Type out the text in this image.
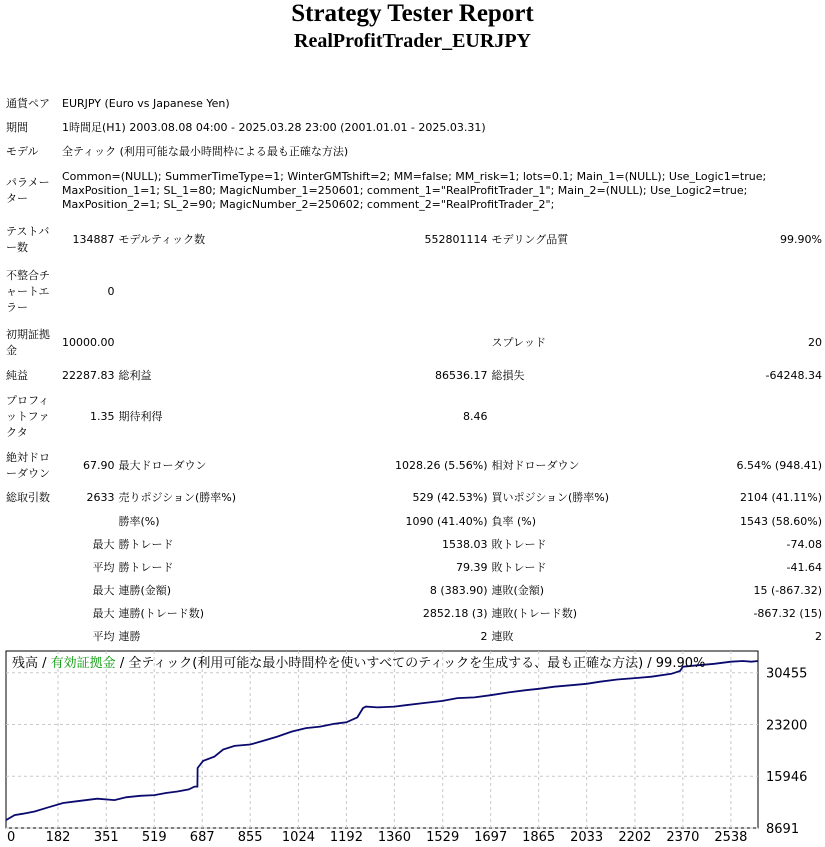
Strategy Tester Report
RealProfitTrader_EURJPY
通貨ペア	EURJPY (Euro vs Japanese Yen)				
期間	1時間足(H1) 2003.08.08 04:00 - 2025.03.28 23:00 (2001.01.01 - 2025.03.31)				
モデル	全ティック (利用可能な最小時間枠による最も正確な方法)				
パラメーター	Common=(NULL); SummerTimeType=1; WinterGMTshift=2; MM=false; MM_risk=1; lots=0.1; Main_1=(NULL); Use_Logic1=true; MaxPosition_1=1; SL_1=80; MagicNumber_1=250601; comment_1="RealProfitTrader_1"; Main_2=(NULL); Use_Logic2=true; MaxPosition_2=1; SL_2=90; MagicNumber_2=250602; comment_2="RealProfitTrader_2";				
テストバー数	134887	モデルティック数	552801114	モデリング品質	99.90%
不整合チャートエラー	0				
初期証拠金	10000.00			スプレッド	20
純益	22287.83	総利益	86536.17	総損失	-64248.34
プロフィットファクタ	1.35	期待利得	8.46		
絶対ドローダウン	67.90	最大ドローダウン	1028.26 (5.56%)	相対ドローダウン	6.54% (948.41)
総取引数	2633	売りポジション(勝率%)	529 (42.53%)	買いポジション(勝率%)	2104 (41.11%)
		勝率(%)	1090 (41.40%)	負率 (%)	1543 (58.60%)
	最大	勝トレード	1538.03	敗トレード	-74.08
	平均	勝トレード	79.39	敗トレード	-41.64
	最大	連勝(金額)	8 (383.90)	連敗(金額)	15 (-867.32)
	最大	連勝(トレード数)	2852.18 (3)	連敗(トレード数)	-867.32 (15)
	平均	連勝	2	連敗	2
残高 / 有効証拠金 / 全ティック(利用可能な最小時間枠を使いすべてのティックを生成する、最も正確な方法) / 99.90%
0 182 351 519 687 855 1024 1192 1360 1529 1697 1865 2033 2202 2370 2538
30455
23200
15946
8691
